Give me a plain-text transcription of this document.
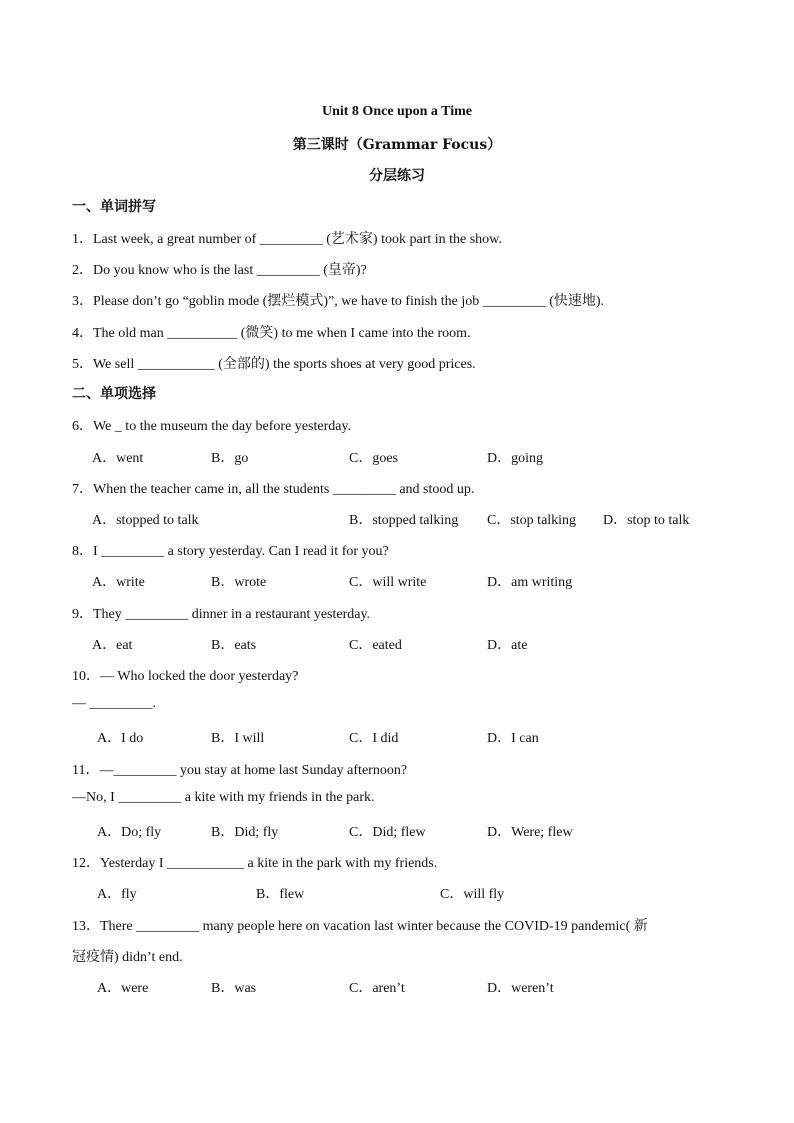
Unit 8 Once upon a Time
第三课时（Grammar Focus）
分层练习
一、单词拼写
1．Last week, a great number of _________ (艺术家) took part in the show.
2．Do you know who is the last _________ (皇帝)?
3．Please don’t go “goblin mode (摆烂模式)”, we have to finish the job _________ (快速地).
4．The old man __________ (微笑) to me when I came into the room.
5．We sell ___________ (全部的) the sports shoes at very good prices.
二、单项选择
6．We _ to the museum the day before yesterday.
A．went	B．go	C．goes	D．going
7．When the teacher came in, all the students _________ and stood up.
A．stopped to talk	B．stopped talking C．stop talking D．stop to talk
8．I _________ a story yesterday. Can I read it for you?
A．write	B．wrote	C．will write	D．am writing
9．They _________ dinner in a restaurant yesterday.
A．eat	B．eats	C．eated	D．ate
10．— Who locked the door yesterday?
— _________.
A．I do	B．I will	C．I did	D．I can
11．—_________ you stay at home last Sunday afternoon?
—No, I _________ a kite with my friends in the park.
A．Do; fly	B．Did; fly	C．Did; flew	D．Were; flew
12．Yesterday I ___________ a kite in the park with my friends.
A．fly	B．flew	C．will fly
13．There _________ many people here on vacation last winter because the COVID-19 pandemic( 新
冠疫情) didn’t end.
A．were	B．was	C．aren’t	D．weren’t
